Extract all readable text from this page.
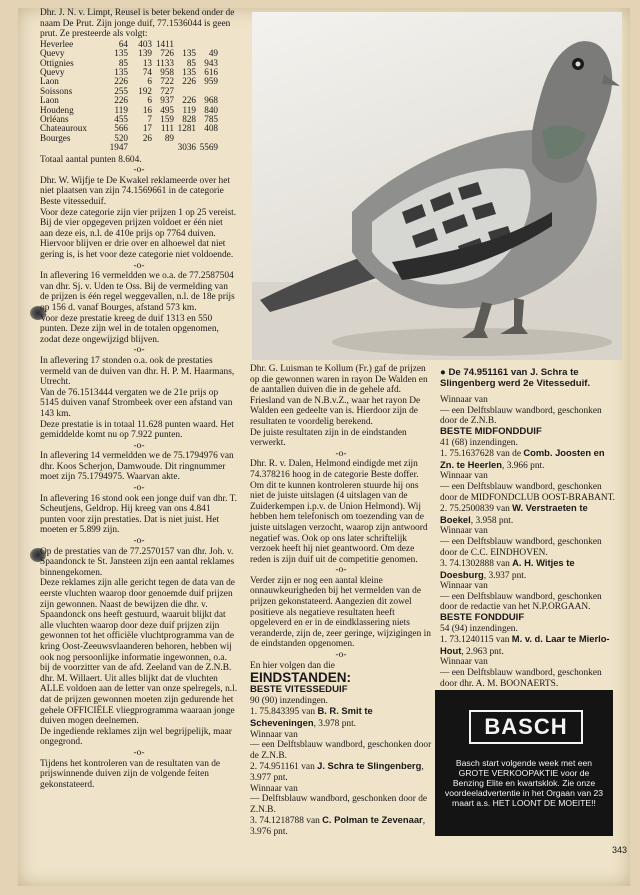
Dhr. J. N. v. Limpt, Reusel is beter bekend onder de naam De Prut. Zijn jonge duif, 77.1536044 is geen prut. Ze presteerde als volgt:

Heverlee	64	403	1411		
Quevy	135	139	726	135	49
Ottignies	85	13	1133	85	943
Quevy	135	74	958	135	616
Laon	226	6	722	226	959
Soissons	255	192	727		
Laon	226	6	937	226	968
Houdeng	119	16	495	119	840
Orléans	455	7	159	828	785
Chateauroux	566	17	111	1281	408
Bourges	520	26	89		
	1947			3036	5569

Totaal aantal punten 8.604.

-o-

Dhr. W. Wijfje te De Kwakel reklameerde over het niet plaatsen van zijn 74.1569661 in de categorie Beste vitesseduif.

Voor deze categorie zijn vier prijzen 1 op 25 vereist. Bij de vier opgegeven prijzen voldoet er één niet aan deze eis, n.l. de 410e prijs op 7764 duiven. Hiervoor blijven er drie over en alhoewel dat niet gering is, is het voor deze categorie niet voldoende.

-o-

In aflevering 16 vermeldden we o.a. de 77.2587504 van dhr. Sj. v. Uden te Oss. Bij de vermelding van de prijzen is één regel weggevallen, n.l. de 18e prijs op 156 d. vanaf Bourges, afstand 573 km.

Voor deze prestatie kreeg de duif 1313 en 550 punten. Deze zijn wel in de totalen opgenomen, zodat deze ongewijzigd blijven.

-o-

In aflevering 17 stonden o.a. ook de prestaties vermeld van de duiven van dhr. H. P. M. Haarmans, Utrecht.

Van de 76.1513444 vergaten we de 21e prijs op 5145 duiven vanaf Strombeek over een afstand van 143 km.

Deze prestatie is in totaal 11.628 punten waard. Het gemiddelde komt nu op 7.922 punten.

-o-

In aflevering 14 vermeldden we de 75.1794976 van dhr. Koos Scherjon, Damwoude. Dit ringnummer moet zijn 75.1794975. Waarvan akte.

-o-

In aflevering 16 stond ook een jonge duif van dhr. T. Scheutjens, Geldrop. Hij kreeg van ons 4.841 punten voor zijn prestaties. Dat is niet juist. Het moeten er 5.899 zijn.

-o-

Op de prestaties van de 77.2570157 van dhr. Joh. v. Spaandonck te St. Jansteen zijn een aantal reklames binnengekomen.

Deze reklames zijn alle gericht tegen de data van de eerste vluchten waarop door genoemde duif prijzen zijn gewonnen. Naast de bewijzen die dhr. v. Spaandonck ons heeft gestuurd, waaruit blijkt dat alle vluchten waarop door deze duif prijzen zijn gewonnen tot het officiële vluchtprogramma van de kring Oost-Zeeuwsvlaanderen behoren, hebben wij ook nog persoonlijke informatie ingewonnen, o.a. bij de voorzitter van de afd. Zeeland van de Z.N.B. dhr. M. Willaert. Uit alles blijkt dat de vluchten ALLE voldoen aan de letter van onze spelregels, n.l. dat de prijzen gewonnen moeten zijn gedurende het gehele OFFICIËLE vliegprogramma waaraan jonge duiven mogen deelnemen.

De ingediende reklames zijn wel begrijpelijk, maar ongegrond.

-o-

Tijdens het kontroleren van de resultaten van de prijswinnende duiven zijn de volgende feiten gekonstateerd.

Dhr. G. Luisman te Kollum (Fr.) gaf de prijzen op die gewonnen waren in rayon De Walden en de aantallen duiven die in de gehele afd. Friesland van de N.B.v.Z., waar het rayon De Walden een gedeelte van is. Hierdoor zijn de resultaten te voordelig berekend.

De juiste resultaten zijn in de eindstanden verwerkt.

-o-

Dhr. R. v. Dalen, Helmond eindigde met zijn 74.378216 hoog in de categorie Beste doffer. Om dit te kunnen kontroleren stuurde hij ons niet de juiste uitslagen (4 uitslagen van de Zuiderkempen i.p.v. de Union Helmond). Wij hebben hem telefonisch om toezending van de juiste uitslagen verzocht, waarop zijn antwoord negatief was. Ook op ons later schriftelijk verzoek heeft hij niet geantwoord. Om deze reden is zijn duif uit de competitie genomen.

-o-

Verder zijn er nog een aantal kleine onnauwkeurigheden bij het vermelden van de prijzen gekonstateerd. Aangezien dit zowel positieve als negatieve resultaten heeft opgeleverd en er in de eindklassering niets veranderde, zijn de, zeer geringe, wijzigingen in de eindstanden opgenomen.

-o-

En hier volgen dan die

EINDSTANDEN:

BESTE VITESSEDUIF

90 (90) inzendingen.

1. 75.843395 van B. R. Smit te Scheveningen, 3.978 pnt.

Winnaar van

— een Delftsblauw wandbord, geschonken door de Z.N.B.

2. 74.951161 van J. Schra te Slingenberg, 3.977 pnt.

Winnaar van

— Delftsblauw wandbord, geschonken door de Z.N.B.

3. 74.1218788 van C. Polman te Zevenaar, 3.976 pnt.

● De 74.951161 van J. Schra te Slingenberg werd 2e Vitesseduif.

Winnaar van

— een Delftsblauw wandbord, geschonken door de Z.N.B.

BESTE MIDFONDDUIF

41 (68) inzendingen.

1. 75.1637628 van de Comb. Joosten en Zn. te Heerlen, 3.966 pnt.

Winnaar van

— een Delftsblauw wandbord, geschonken door de MIDFONDCLUB OOST-BRABANT.

2. 75.2500839 van W. Verstraeten te Boekel, 3.958 pnt.

Winnaar van

— een Delftsblauw wandbord, geschonken door de C.C. EINDHOVEN.

3. 74.1302888 van A. H. Witjes te Doesburg, 3.937 pnt.

Winnaar van

— een Delftsblauw wandbord, geschonken door de redactie van het N.P.ORGAAN.

BESTE FONDDUIF

54 (94) inzendingen.

1. 73.1240115 van M. v. d. Laar te Mierlo-Hout, 2.963 pnt.

Winnaar van

— een Delftsblauw wandbord, geschonken door dhr. A. M. BOONAERTS.

BASCH
Basch start volgende week met een GROTE VERKOOPAKTIE voor de Benzing Elite en kwartsklok. Zie onze voordeeladvertentie in het Orgaan van 23 maart a.s. HET LOONT DE MOEITE!!
343
